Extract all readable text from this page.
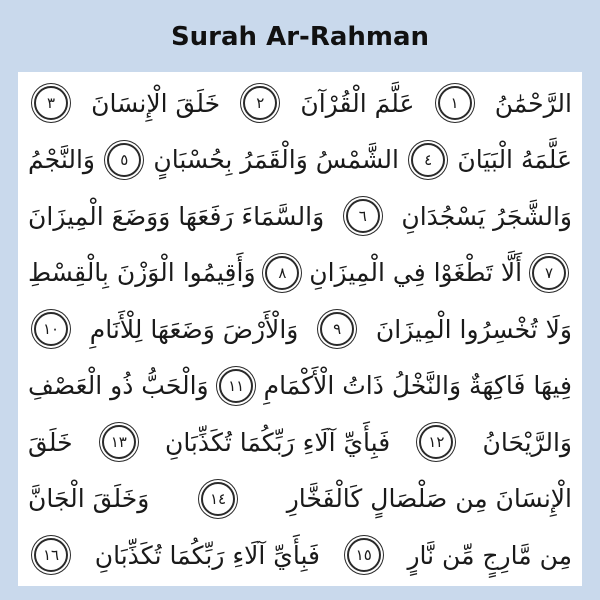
Surah Ar-Rahman
الرَّحْمَٰنُ
١
عَلَّمَ الْقُرْآنَ
٢
خَلَقَ الْإِنسَانَ
٣
عَلَّمَهُ الْبَيَانَ
٤
الشَّمْسُ وَالْقَمَرُ بِحُسْبَانٍ
٥
وَالنَّجْمُ
وَالشَّجَرُ يَسْجُدَانِ
٦
وَالسَّمَاءَ رَفَعَهَا وَوَضَعَ الْمِيزَانَ
٧
أَلَّا تَطْغَوْا فِي الْمِيزَانِ
٨
وَأَقِيمُوا الْوَزْنَ بِالْقِسْطِ
وَلَا تُخْسِرُوا الْمِيزَانَ
٩
وَالْأَرْضَ وَضَعَهَا لِلْأَنَامِ
١٠
فِيهَا فَاكِهَةٌ وَالنَّخْلُ ذَاتُ الْأَكْمَامِ
١١
وَالْحَبُّ ذُو الْعَصْفِ
وَالرَّيْحَانُ
١٢
فَبِأَيِّ آلَاءِ رَبِّكُمَا تُكَذِّبَانِ
١٣
خَلَقَ
الْإِنسَانَ مِن صَلْصَالٍ كَالْفَخَّارِ
١٤
وَخَلَقَ الْجَانَّ
مِن مَّارِجٍ مِّن نَّارٍ
١٥
فَبِأَيِّ آلَاءِ رَبِّكُمَا تُكَذِّبَانِ
١٦
